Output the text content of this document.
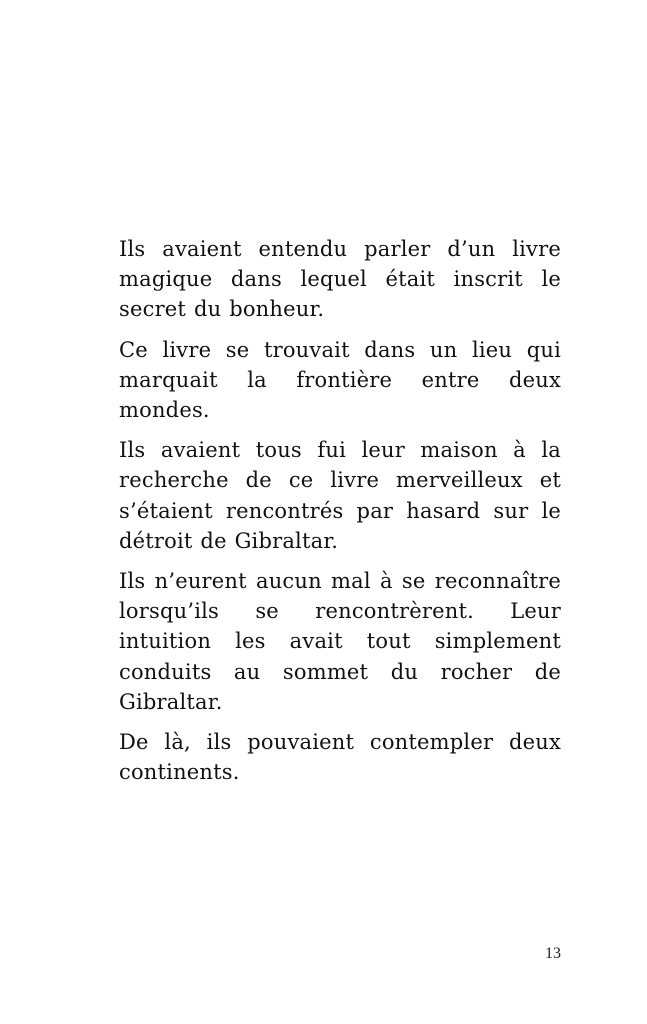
Ils avaient entendu parler d’un livre magique dans lequel était inscrit le secret du bonheur.

Ce livre se trouvait dans un lieu qui marquait la frontière entre deux mondes.

Ils avaient tous fui leur maison à la recherche de ce livre merveilleux et s’étaient rencontrés par hasard sur le détroit de Gibraltar.

Ils n’eurent aucun mal à se reconnaître lorsqu’ils se rencontrèrent. Leur intuition les avait tout simplement conduits au sommet du rocher de Gibraltar.

De là, ils pouvaient contempler deux continents.

13
